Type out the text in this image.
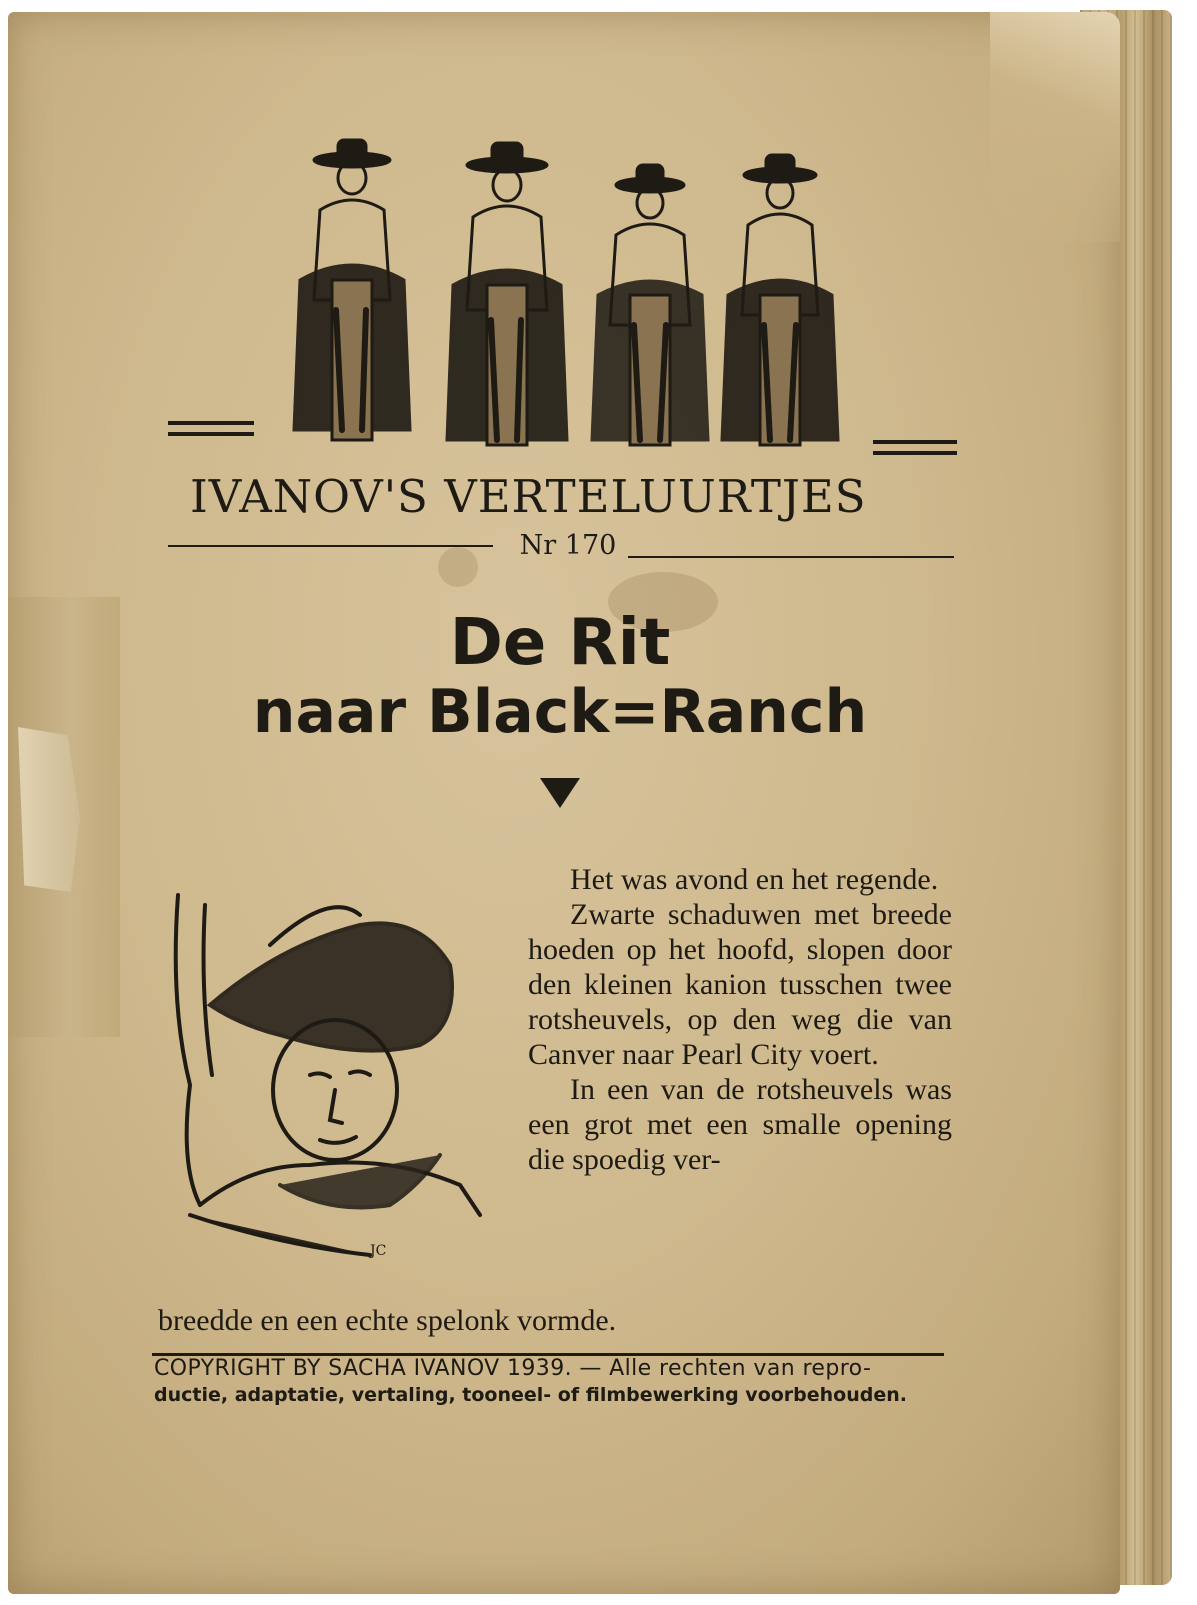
IVANOV'S VERTELUURTJES
Nr 170
De Rit
naar Black=Ranch
JC

Het was avond en het regende.

Zwarte schaduwen met breede hoeden op het hoofd, slopen door den kleinen kanion tusschen twee rotsheuvels, op den weg die van Canver naar Pearl City voert.

In een van de rotsheuvels was een grot met een smalle opening die spoedig ver-

breedde en een echte spelonk vormde.
COPYRIGHT BY SACHA IVANOV 1939. — Alle rechten van repro-
ductie, adaptatie, vertaling, tooneel- of filmbewerking voorbehouden.
